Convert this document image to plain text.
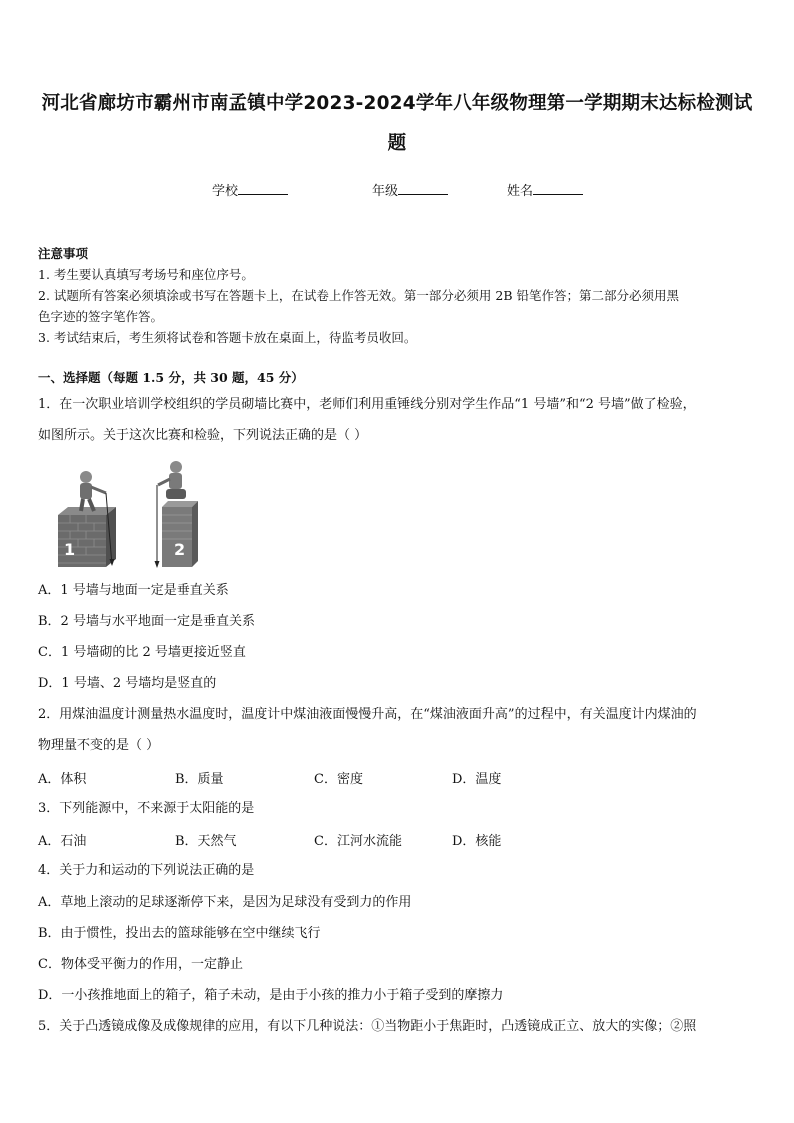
河北省廊坊市霸州市南孟镇中学2023-2024学年八年级物理第一学期期末达标检测试
题
学校	年级	姓名
注意事项
1. 考生要认真填写考场号和座位序号。
2. 试题所有答案必须填涂或书写在答题卡上，在试卷上作答无效。第一部分必须用 2B 铅笔作答；第二部分必须用黑
色字迹的签字笔作答。
3. 考试结束后，考生须将试卷和答题卡放在桌面上，待监考员收回。
一、选择题（每题 1.5 分，共 30 题，45 分）
1．在一次职业培训学校组织的学员砌墙比赛中，老师们利用重锤线分别对学生作品“1 号墙”和“2 号墙”做了检验，
如图所示。关于这次比赛和检验，下列说法正确的是（ ）
1	2
A．1 号墙与地面一定是垂直关系
B．2 号墙与水平地面一定是垂直关系
C．1 号墙砌的比 2 号墙更接近竖直
D．1 号墙、2 号墙均是竖直的
2．用煤油温度计测量热水温度时，温度计中煤油液面慢慢升高，在“煤油液面升高”的过程中，有关温度计内煤油的
物理量不变的是（ ）
A．体积	B．质量	C．密度	D．温度
3．下列能源中，不来源于太阳能的是
A．石油	B．天然气	C．江河水流能	D．核能
4．关于力和运动的下列说法正确的是
A．草地上滚动的足球逐渐停下来，是因为足球没有受到力的作用
B．由于惯性，投出去的篮球能够在空中继续飞行
C．物体受平衡力的作用，一定静止
D．一小孩推地面上的箱子，箱子未动，是由于小孩的推力小于箱子受到的摩擦力
5．关于凸透镜成像及成像规律的应用，有以下几种说法：①当物距小于焦距时，凸透镜成正立、放大的实像；②照
